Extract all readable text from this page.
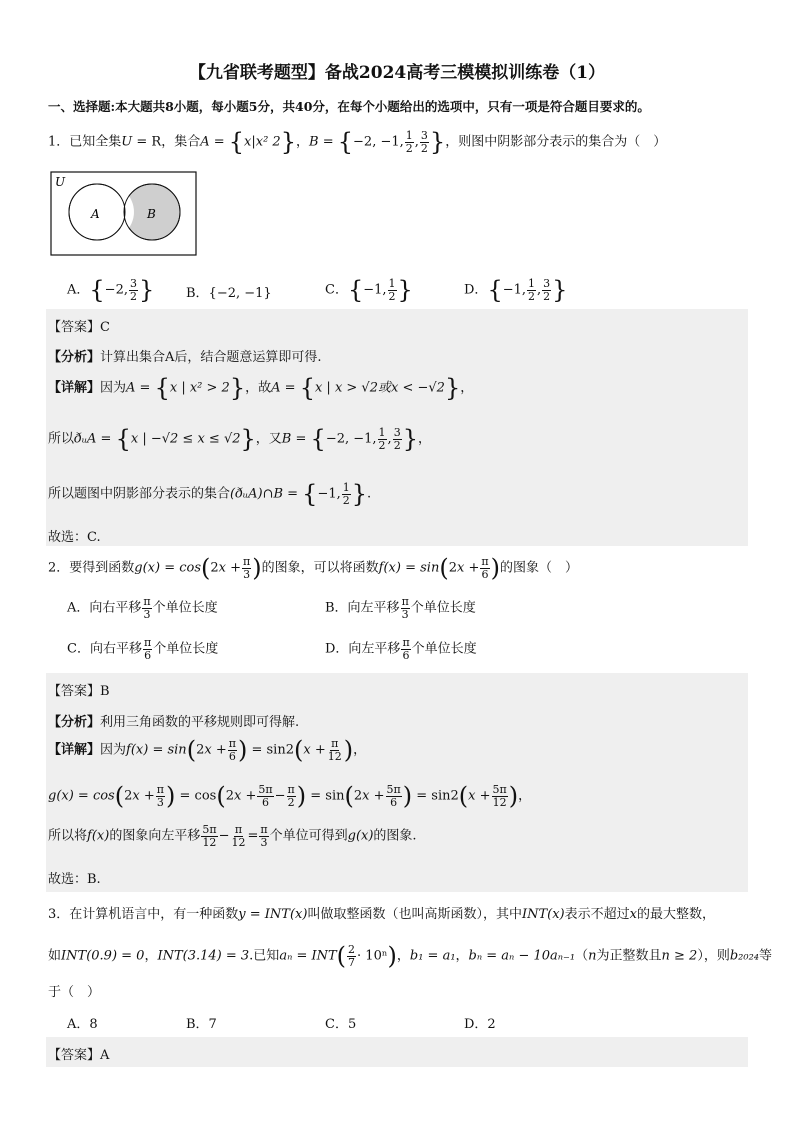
【九省联考题型】备战2024高考三模模拟训练卷（1）
一、选择题:本大题共8小题，每小题5分，共40分，在每个小题给出的选项中，只有一项是符合题目要求的。
1．已知全集U = R，集合A = {x|x² 2}，B = {−2, −1, $\frac{1}{2}$ , $\frac{3}{2}$ }，则图中阴影部分表示的集合为（　）
U
A	B
A．{−2, $\frac{3}{2}$ } B．{−2, −1}	C．{−1, $\frac{1}{2}$ }	D．{−1, $\frac{1}{2}$ , $\frac{3}{2}$ }
【答案】C
【分析】计算出集合A后，结合题意运算即可得.
【详解】因为A = {x | x² > 2}，故A = {x | x > √2或x < −√2}，
所以ðᵤA = {x | −√2 ≤ x ≤ √2}，又B = {−2, −1, $\frac{1}{2}$ , $\frac{3}{2}$ }，
所以题图中阴影部分表示的集合(ðᵤA)∩B = {−1, $\frac{1}{2}$ }.
故选：C.
2．要得到函数$g(x) = \cos(2x + \frac{\pi}{3}$ )的图象，可以将函数$f(x) = \sin(2x + \frac{\pi}{6}$ )的图象（　）
A．向右平移 $\frac{\pi}{3}$ 个单位长度	B．向左平移 $\frac{\pi}{3}$ 个单位长度
C．向右平移 $\frac{\pi}{6}$ 个单位长度	D．向左平移 $\frac{\pi}{6}$ 个单位长度
【答案】B
【分析】利用三角函数的平移规则即可得解.
【详解】因为$f(x) = \sin(2x + \frac{\pi}{6}$ ) = $\sin 2(x + \frac{\pi}{12}$ )，
$g(x) = \cos(2x + \frac{\pi}{3}$ ) = $\cos(2x + \frac{5\pi}{6} - \frac{\pi}{2}$ ) = $\sin(2x + \frac{5\pi}{6}$ ) = $\sin 2(x + \frac{5\pi}{12}$ )，
所以将f(x)的图象向左平移 $\frac{5\pi}{12} - \frac{\pi}{12} = \frac{\pi}{3}$ 个单位可得到g(x)的图象.
故选：B.
3．在计算机语言中，有一种函数y = INT(x)叫做取整函数（也叫高斯函数），其中INT(x)表示不超过x的最大整数，
如INT(0.9) = 0，INT(3.14) = 3.已知$a_n = INT( \frac{2}{7} \cdot 10^n)$，b₁ = a₁，bₙ = aₙ − 10aₙ₋₁（n为正整数且n ≥ 2），则b₂₀₂₄等
于（　）
A．8	B．7	C．5	D．2
【答案】A
